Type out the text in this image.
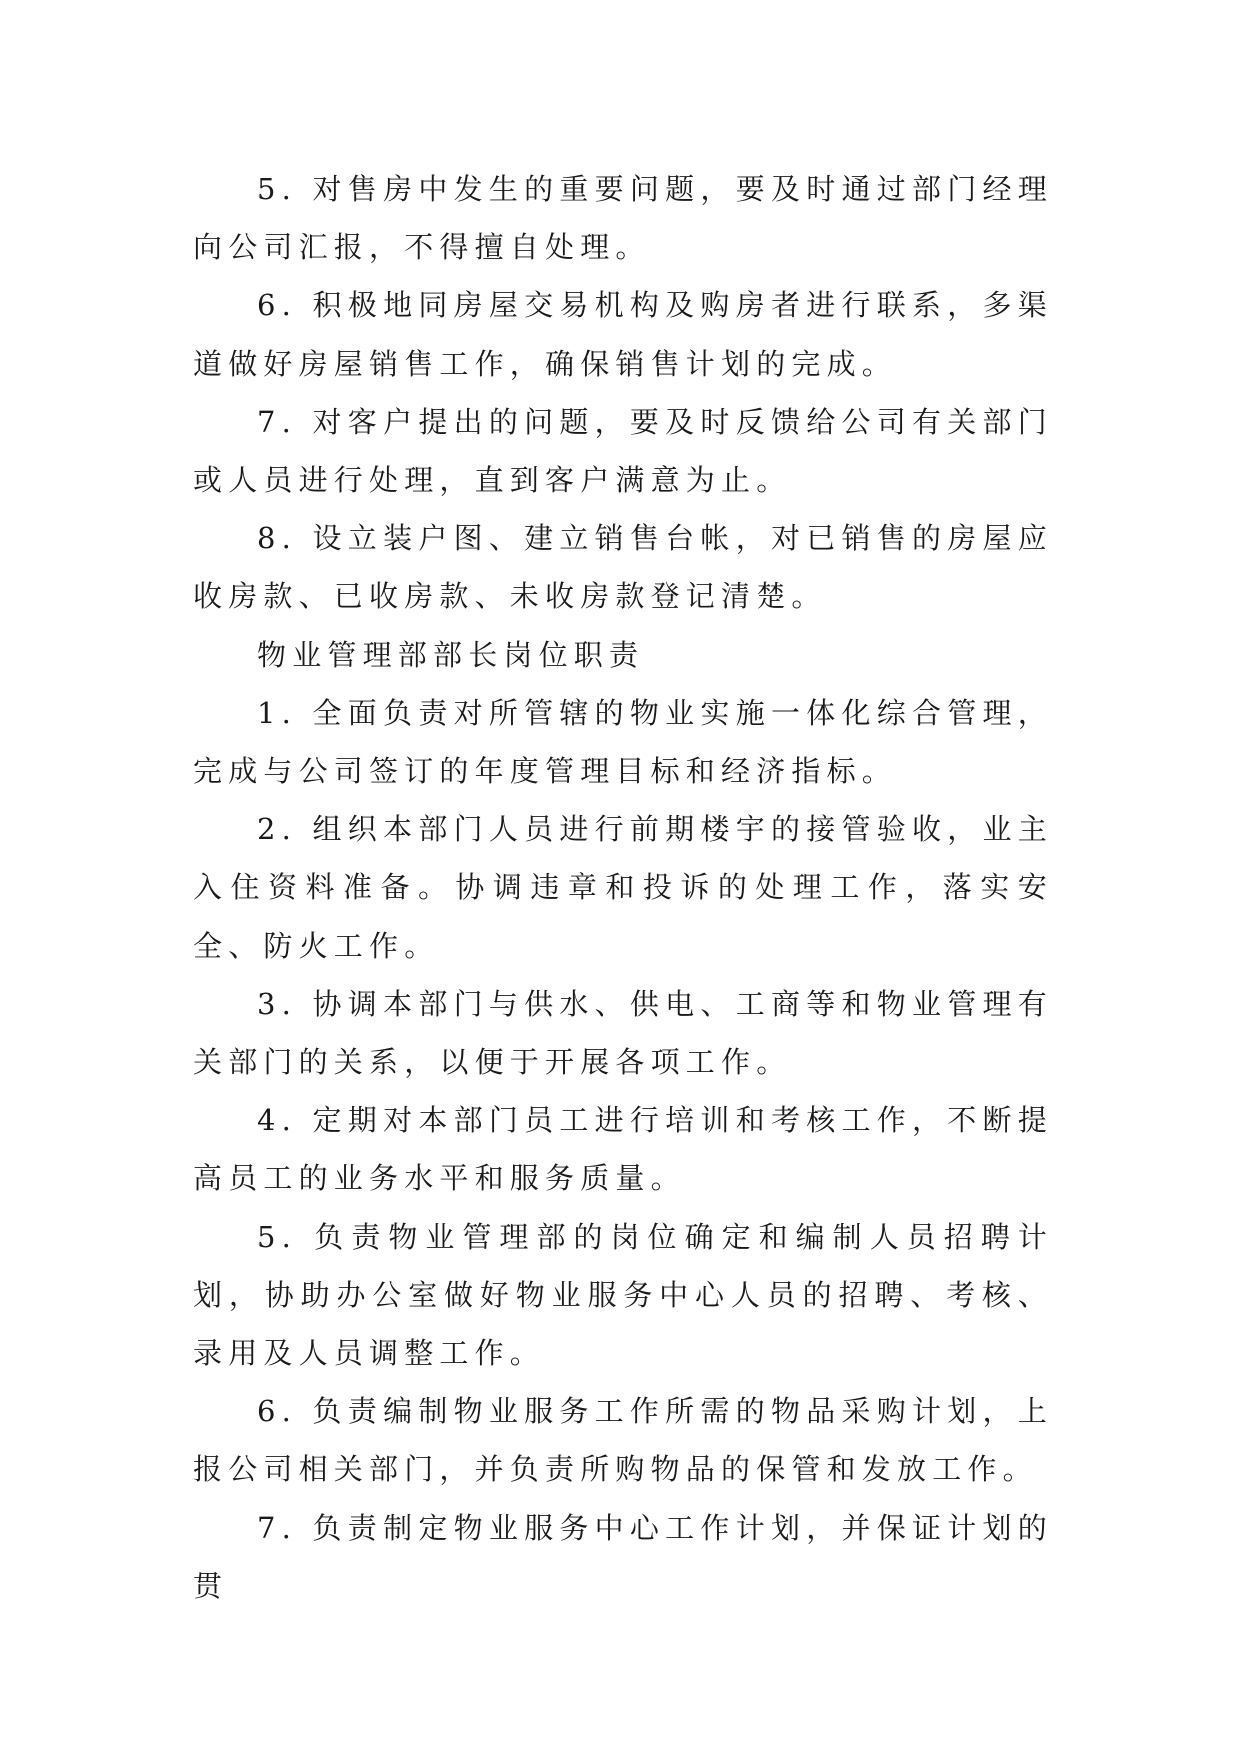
5. 对售房中发生的重要问题，要及时通过部门经理向公司汇报，不得擅自处理。

6. 积极地同房屋交易机构及购房者进行联系，多渠道做好房屋销售工作，确保销售计划的完成。

7. 对客户提出的问题，要及时反馈给公司有关部门或人员进行处理，直到客户满意为止。

8. 设立装户图、建立销售台帐，对已销售的房屋应收房款、已收房款、未收房款登记清楚。

物业管理部部长岗位职责

1. 全面负责对所管辖的物业实施一体化综合管理，完成与公司签订的年度管理目标和经济指标。

2. 组织本部门人员进行前期楼宇的接管验收，业主入住资料准备。协调违章和投诉的处理工作，落实安全、防火工作。

3. 协调本部门与供水、供电、工商等和物业管理有关部门的关系，以便于开展各项工作。

4. 定期对本部门员工进行培训和考核工作，不断提高员工的业务水平和服务质量。

5. 负责物业管理部的岗位确定和编制人员招聘计划，协助办公室做好物业服务中心人员的招聘、考核、录用及人员调整工作。

6. 负责编制物业服务工作所需的物品采购计划，上报公司相关部门，并负责所购物品的保管和发放工作。

7. 负责制定物业服务中心工作计划，并保证计划的贯
